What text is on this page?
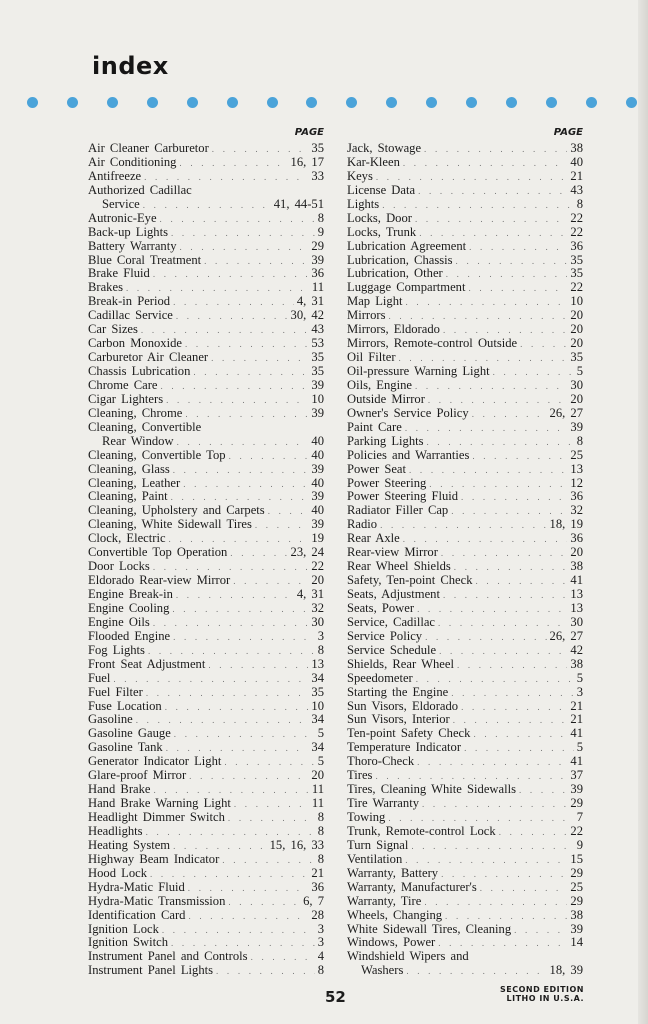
index
PAGE
Air Cleaner Carburetor . . .	35
Air Conditioning . . .	16, 17
Antifreeze . . .	33
Authorized Cadillac
Service . . .	41, 44-51
Autronic-Eye . . .	8
Back-up Lights . . .	9
Battery Warranty . . .	29
Blue Coral Treatment . . .	39
Brake Fluid . . .	36
Brakes . . .	11
Break-in Period . . .	4, 31
Cadillac Service . . .	30, 42
Car Sizes . . .	43
Carbon Monoxide . . .	53
Carburetor Air Cleaner . . .	35
Chassis Lubrication . . .	35
Chrome Care . . .	39
Cigar Lighters . . .	10
Cleaning, Chrome . . .	39
Cleaning, Convertible
Rear Window . . .	40
Cleaning, Convertible Top . . .	40
Cleaning, Glass . . .	39
Cleaning, Leather . . .	40
Cleaning, Paint . . .	39
Cleaning, Upholstery and Carpets . . .	40
Cleaning, White Sidewall Tires . . .	39
Clock, Electric . . .	19
Convertible Top Operation . . .	23, 24
Door Locks . . .	22
Eldorado Rear-view Mirror . . .	20
Engine Break-in . . .	4, 31
Engine Cooling . . .	32
Engine Oils . . .	30
Flooded Engine . . .	3
Fog Lights . . .	8
Front Seat Adjustment . . .	13
Fuel . . .	34
Fuel Filter . . .	35
Fuse Location . . .	10
Gasoline . . .	34
Gasoline Gauge . . .	5
Gasoline Tank . . .	34
Generator Indicator Light . . .	5
Glare-proof Mirror . . .	20
Hand Brake . . .	11
Hand Brake Warning Light . . .	11
Headlight Dimmer Switch . . .	8
Headlights . . .	8
Heating System . . .	15, 16, 33
Highway Beam Indicator . . .	8
Hood Lock . . .	21
Hydra-Matic Fluid . . .	36
Hydra-Matic Transmission . . .	6, 7
Identification Card . . .	28
Ignition Lock . . .	3
Ignition Switch . . .	3
Instrument Panel and Controls . . .	4
Instrument Panel Lights . . .	8
PAGE
Jack, Stowage . . .	38
Kar-Kleen . . .	40
Keys . . .	21
License Data . . .	43
Lights . . .	8
Locks, Door . . .	22
Locks, Trunk . . .	22
Lubrication Agreement . . .	36
Lubrication, Chassis . . .	35
Lubrication, Other . . .	35
Luggage Compartment . . .	22
Map Light . . .	10
Mirrors . . .	20
Mirrors, Eldorado . . .	20
Mirrors, Remote-control Outside . . .	20
Oil Filter . . .	35
Oil-pressure Warning Light . . .	5
Oils, Engine . . .	30
Outside Mirror . . .	20
Owner's Service Policy . . .	26, 27
Paint Care . . .	39
Parking Lights . . .	8
Policies and Warranties . . .	25
Power Seat . . .	13
Power Steering . . .	12
Power Steering Fluid . . .	36
Radiator Filler Cap . . .	32
Radio . . .	18, 19
Rear Axle . . .	36
Rear-view Mirror . . .	20
Rear Wheel Shields . . .	38
Safety, Ten-point Check . . .	41
Seats, Adjustment . . .	13
Seats, Power . . .	13
Service, Cadillac . . .	30
Service Policy . . .	26, 27
Service Schedule . . .	42
Shields, Rear Wheel . . .	38
Speedometer . . .	5
Starting the Engine . . .	3
Sun Visors, Eldorado . . .	21
Sun Visors, Interior . . .	21
Ten-point Safety Check . . .	41
Temperature Indicator . . .	5
Thoro-Check . . .	41
Tires . . .	37
Tires, Cleaning White Sidewalls . . .	39
Tire Warranty . . .	29
Towing . . .	7
Trunk, Remote-control Lock . . .	22
Turn Signal . . .	9
Ventilation . . .	15
Warranty, Battery . . .	29
Warranty, Manufacturer's . . .	25
Warranty, Tire . . .	29
Wheels, Changing . . .	38
White Sidewall Tires, Cleaning . . .	39
Windows, Power . . .	14
Windshield Wipers and
Washers . . .	18, 39
52	SECOND EDITION
LITHO IN U.S.A.
